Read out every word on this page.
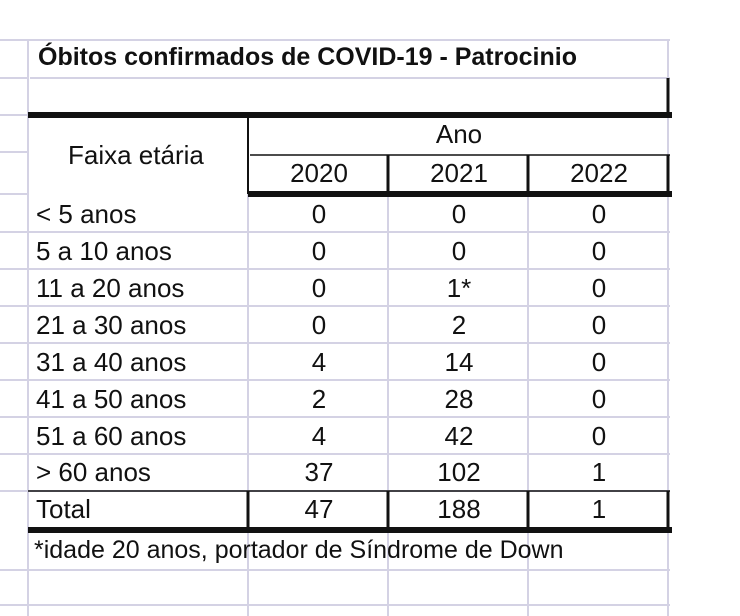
Óbitos confirmados de COVID-19 - Patrocinio
Faixa etária
Ano
2020	2021	2022
< 5 anos	0	0	0
5 a 10 anos	0	0	0
11 a 20 anos	0	1*	0
21 a 30 anos	0	2	0
31 a 40 anos	4	14	0
41 a 50 anos	2	28	0
51 a 60 anos	4	42	0
> 60 anos	37	102	1
Total	47	188	1
*idade 20 anos, portador de Síndrome de Down
